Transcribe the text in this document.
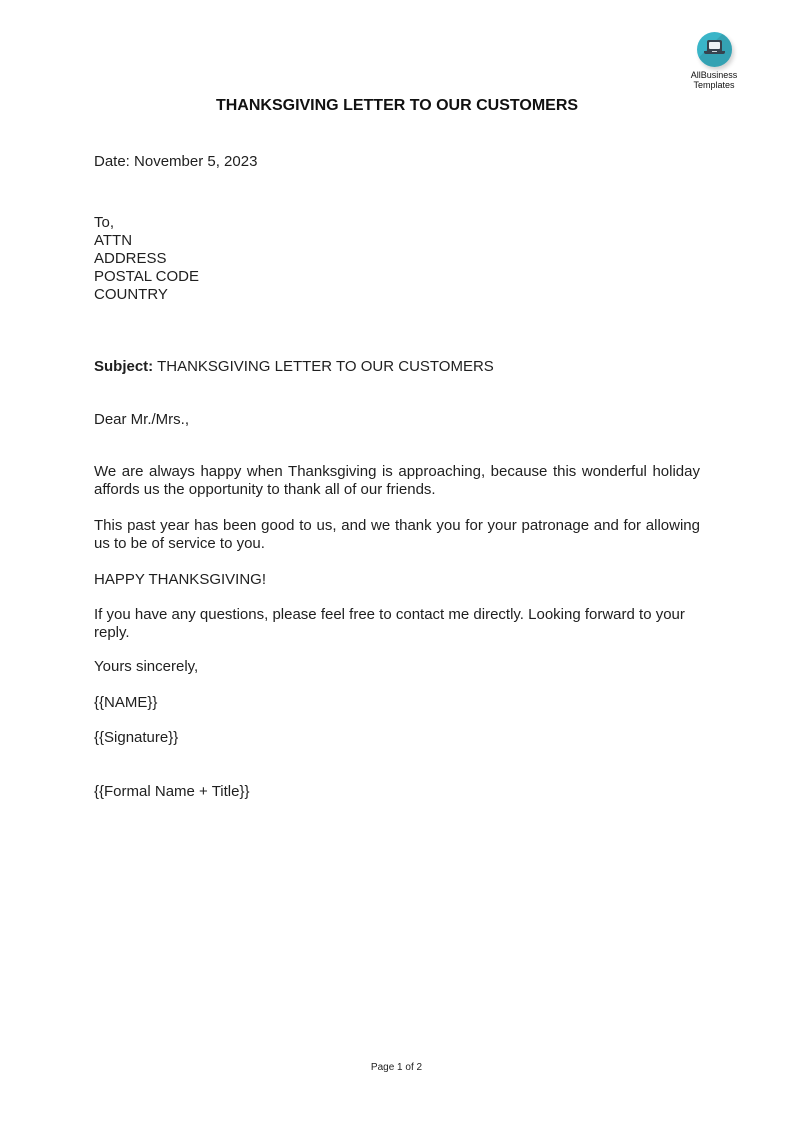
AllBusiness
Templates
THANKSGIVING LETTER TO OUR CUSTOMERS
Date: November 5, 2023
To,
ATTN
ADDRESS
POSTAL CODE
COUNTRY
Subject: THANKSGIVING LETTER TO OUR CUSTOMERS
Dear Mr./Mrs.,
We are always happy when Thanksgiving is approaching, because this wonderful holiday affords us the opportunity to thank all of our friends.
This past year has been good to us, and we thank you for your patronage and for allowing us to be of service to you.
HAPPY THANKSGIVING!
If you have any questions, please feel free to contact me directly. Looking forward to your reply.
Yours sincerely,
{{NAME}}
{{Signature}}
{{Formal Name + Title}}
Page 1 of 2
